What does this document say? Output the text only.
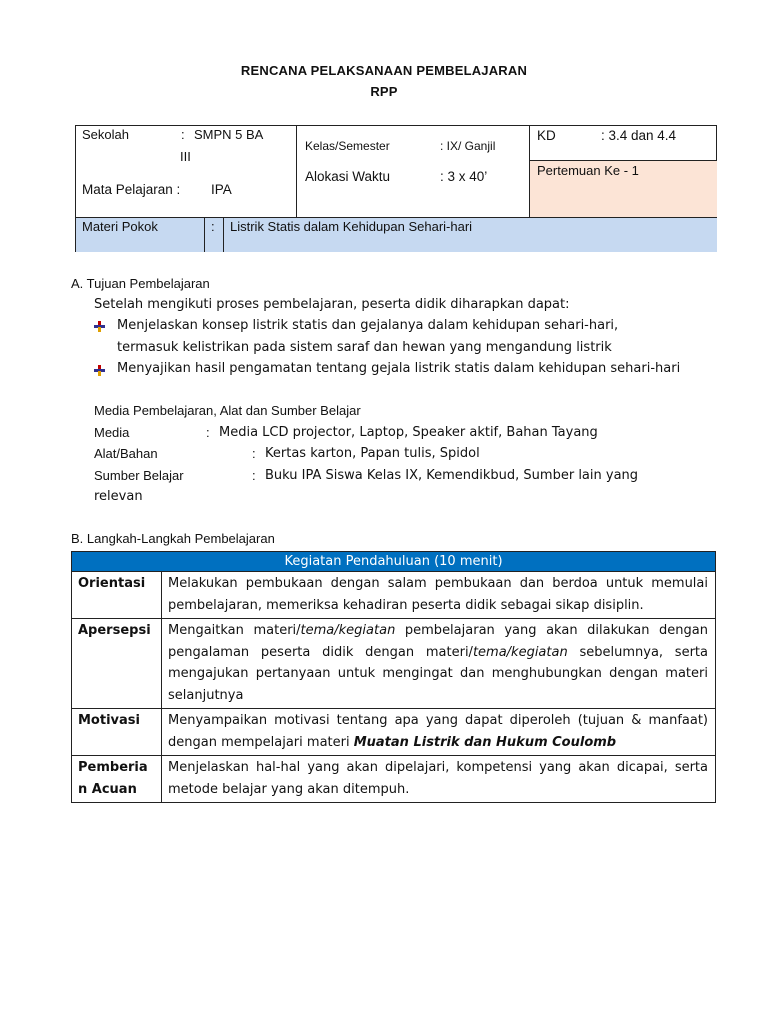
RENCANA PELAKSANAAN PEMBELAJARAN
RPP
Sekolah	: SMPN 5 BA
III
Mata Pelajaran : IPA
Kelas/Semester	: IX/ Ganjil
Alokasi Waktu	: 3 x 40’
KD	: 3.4 dan 4.4
Pertemuan Ke - 1
Materi Pokok	: Listrik Statis dalam Kehidupan Sehari-hari
A. Tujuan Pembelajaran
Setelah mengikuti proses pembelajaran, peserta didik diharapkan dapat:
Menjelaskan konsep listrik statis dan gejalanya dalam kehidupan sehari-hari,
termasuk kelistrikan pada sistem saraf dan hewan yang mengandung listrik
Menyajikan hasil pengamatan tentang gejala listrik statis dalam kehidupan sehari-hari
Media Pembelajaran, Alat dan Sumber Belajar
Media	: Media LCD projector, Laptop, Speaker aktif, Bahan Tayang
Alat/Bahan	: Kertas karton, Papan tulis, Spidol
Sumber Belajar	: Buku IPA Siswa Kelas IX, Kemendikbud, Sumber lain yang
relevan
B. Langkah-Langkah Pembelajaran
Kegiatan Pendahuluan (10 menit)	
Orientasi	Melakukan pembukaan dengan salam pembukaan dan berdoa untuk memulai pembelajaran, memeriksa kehadiran peserta didik sebagai sikap disiplin.
Apersepsi	Mengaitkan materi/tema/kegiatan pembelajaran yang akan dilakukan dengan pengalaman peserta didik dengan materi/tema/kegiatan sebelumnya, serta mengajukan pertanyaan untuk mengingat dan menghubungkan dengan materi selanjutnya
Motivasi	Menyampaikan motivasi tentang apa yang dapat diperoleh (tujuan & manfaat) dengan mempelajari materi Muatan Listrik dan Hukum Coulomb
Pemberia
n Acuan	Menjelaskan hal-hal yang akan dipelajari, kompetensi yang akan dicapai, serta metode belajar yang akan ditempuh.
